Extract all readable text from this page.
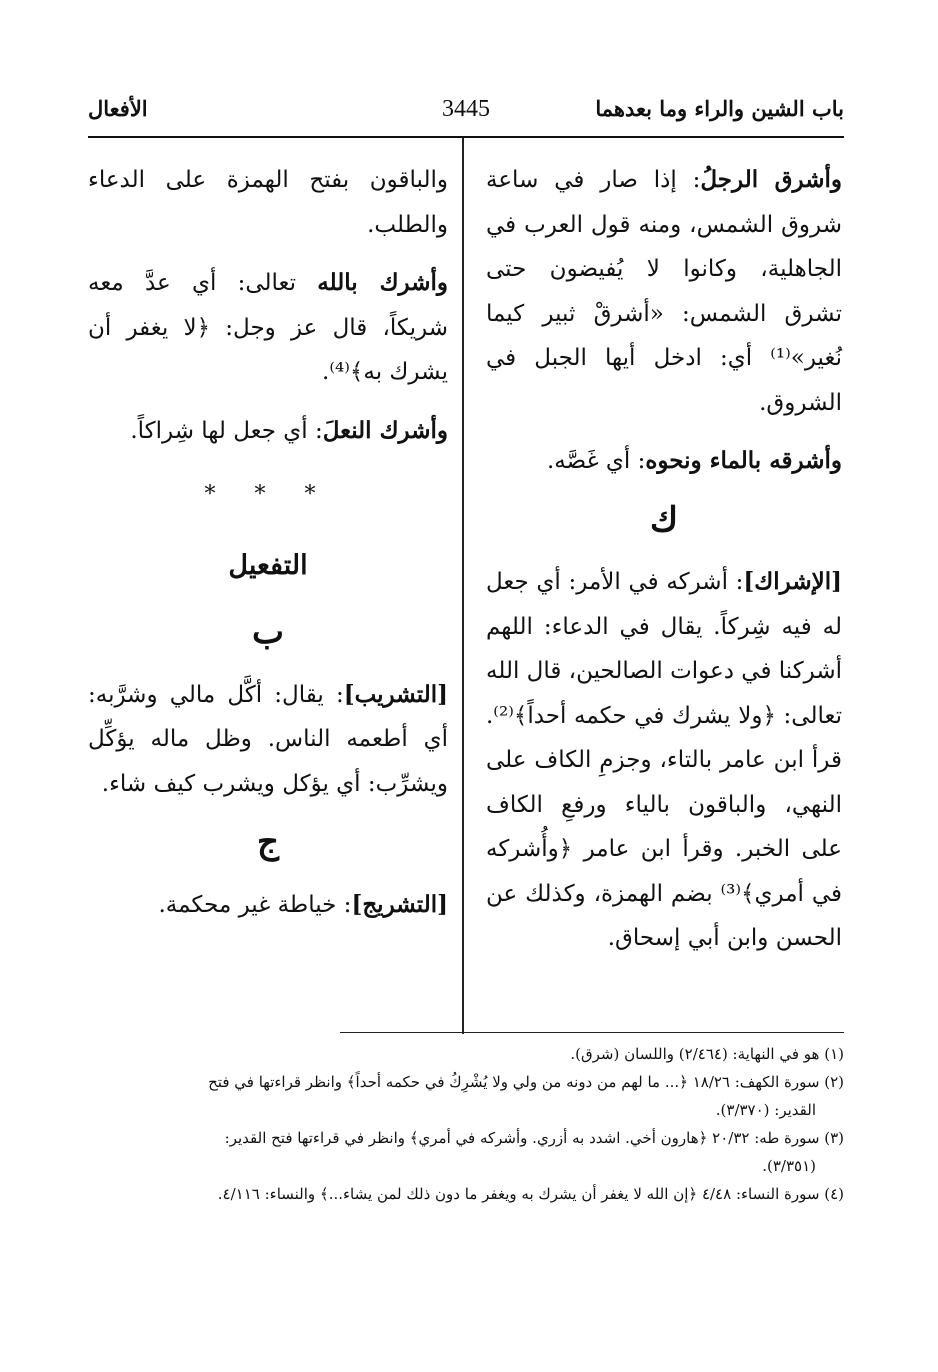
باب الشين والراء وما بعدهما
3445
الأفعال

وأشرق الرجلُ: إذا صار في ساعة شروق الشمس، ومنه قول العرب في الجاهلية، وكانوا لا يُفيضون حتى تشرق الشمس: «أشرقْ ثبير كيما نُغير»⁽¹⁾ أي: ادخل أيها الجبل في الشروق.

وأشرقه بالماء ونحوه: أي غَصَّه.

ك

[الإشراك]: أشركه في الأمر: أي جعل له فيه شِركاً. يقال في الدعاء: اللهم أشركنا في دعوات الصالحين، قال الله تعالى: ﴿ولا يشرك في حكمه أحداً﴾⁽²⁾. قرأ ابن عامر بالتاء، وجزمِ الكاف على النهي، والباقون بالياء ورفعِ الكاف على الخبر. وقرأ ابن عامر ﴿وأُشركه في أمري﴾⁽³⁾ بضم الهمزة، وكذلك عن الحسن وابن أبي إسحاق.

والباقون بفتح الهمزة على الدعاء والطلب.

وأشرك بالله تعالى: أي عدَّ معه شريكاً، قال عز وجل: ﴿لا يغفر أن يشرك به﴾⁽⁴⁾.

وأشرك النعلَ: أي جعل لها شِراكاً.

* * *
التفعيل
ب

[التشريب]: يقال: أكَّل مالي وشرَّبه: أي أطعمه الناس. وظل ماله يؤكِّل ويشرِّب: أي يؤكل ويشرب كيف شاء.

ج

[التشريج]: خياطة غير محكمة.

(١) هو في النهاية: (٢/٤٦٤) واللسان (شرق).

(٢) سورة الكهف: ١٨/٢٦ ﴿... ما لهم من دونه من ولي ولا يُشْرِكُ في حكمه أحداً﴾ وانظر قراءتها في فتح

القدير: (٣/٣٧٠).

(٣) سورة طه: ٢٠/٣٢ ﴿هارون أخي. اشدد به أزري. وأشركه في أمري﴾ وانظر في قراءتها فتح القدير:

(٣/٣٥١).

(٤) سورة النساء: ٤/٤٨ ﴿إن الله لا يغفر أن يشرك به ويغفر ما دون ذلك لمن يشاء...﴾ والنساء: ٤/١١٦.
